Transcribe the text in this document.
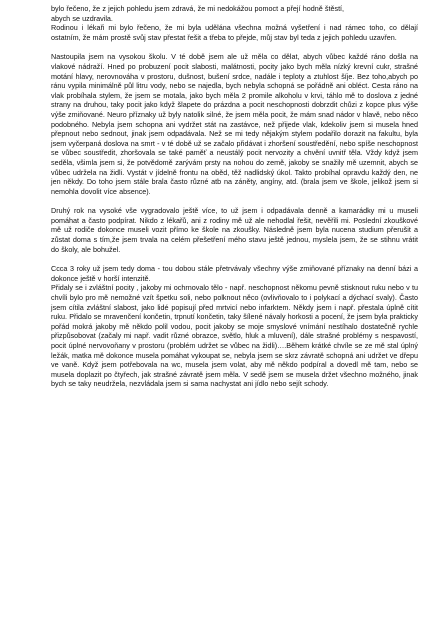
bylo řečeno, že z jejich pohledu jsem zdravá, že mi nedokážou pomoct a přejí hodně štěstí,
abych se uzdravila.
Rodinou i lékaři mi bylo řečeno, že mi byla udělána všechna možná vyšetření i nad rámec toho, co dělají ostatním, že mám prostě svůj stav přestat řešit a třeba to přejde, můj stav byl teda z jejich pohledu uzavřen.

Nastoupila jsem na vysokou školu. V té době jsem ale už měla co dělat, abych vůbec každé ráno došla na vlakové nádraží. Hned po probuzení pocit slabosti, malátnosti, pocity jako bych měla nízký krevní cukr, strašné motání hlavy, nerovnováha v prostoru, dušnost, bušení srdce, nadále i teploty a ztuhlost šíje. Bez toho,abych po ránu vypila minimálně půl litru vody, nebo se najedla, bych nebyla schopná se pořádně ani obléct. Cesta ráno na vlak probíhala stylem, že jsem se motala, jako bych měla 2 promile alkoholu v krvi, táhlo mě to doslova z jedné strany na druhou, taky pocit jako když šlapete do prázdna a pocit neschopnosti dobrzdit chůzi z kopce plus výše výše zmiňované. Neuro příznaky už byly natolik silné, že jsem měla pocit, že mám snad nádor v hlavě, nebo něco podobného. Nebyla jsem schopna ani vydržet stát na zastávce, než přijede vlak, kdekoliv jsem si musela hned přepnout nebo sednout, jinak jsem odpadávala. Než se mi tedy nějakým stylem podařilo dorazit na fakultu, byla jsem vyčerpaná doslova na smrt - v té době už se začalo přidávat i zhoršení soustředění, nebo spíše neschopnost se vůbec soustředit, zhoršovala se také paměť a neustálý pocit nervozity a chvění uvnitř těla. Vždy když jsem seděla, všimla jsem si, že potvědomě zarývám prsty na nohou do země, jakoby se snažily mě uzemnit, abych se vůbec udržela na židli. Vystát v jídelně frontu na oběd, těž nadlidský úkol. Takto probíhal opravdu každý den, ne jen někdy. Do toho jsem stále brala často různé atb na záněty, angíny, atd. (brala jsem ve škole, jelikož jsem si nemohla dovolit více absence).

Druhý rok na vysoké vše vygradovalo ještě více, to už jsem i odpadávala denně a kamarádky mi u museli pomáhat a často podpírat. Nikdo z lékařů, ani z rodiny mě už ale nehodlal řešit, nevěřili mi. Poslední zkouškové mě už rodiče dokonce museli vozit přímo ke škole na zkoušky. Následně jsem byla nucena studium přerušit a zůstat doma s tím,že jsem trvala na celém přešetření mého stavu ještě jednou, myslela jsem, že se stihnu vrátit do školy, ale bohužel.

Ccca 3 roky už jsem tedy doma - tou dobou stále přetrvávaly všechny výše zmiňované příznaky na denní bázi a dokonce ještě v horší intenzitě.
Přidaly se i zvláštní pocity , jakoby mi ochrnovalo tělo - např. neschopnost někomu pevně stisknout ruku nebo v tu chvíli bylo pro mě nemožné vzít špetku soli, nebo polknout něco (ovlivňovalo to i polykací a dýchací svaly). Často jsem cítila zvláštní slabost, jako lidé popisují před mrtvicí nebo infarktem. Někdy jsem i např. přestala úplně cítit ruku. Přidalo se mravenčení končetin, trpnutí končetin, taky šílené návaly horkosti a pocení, že jsem byla prakticky pořád mokrá jakoby mě někdo polil vodou, pocit jakoby se moje smyslové vnímání nestíhalo dostatečně rychle přizpůsobovat (začaly mi např. vadit různé obrazce, světlo, hluk a mluvení), dále strašné problémy s nespavostí, pocit úplné nervovoňany v prostoru (problém udržet se vůbec na židli)….Během krátké chvíle se ze mě stal úplný ležák, matka mě dokonce musela pomáhat vykoupat se, nebyla jsem se skrz závratě schopná ani udržet ve dřepu ve vaně. Když jsem potřebovala na wc, musela jsem volat, aby mě někdo podpíral a dovedl mě tam, nebo se musela doplazit po čtyřech, jak strašné závratě jsem měla. V sedě jsem se musela držet všechno možného, jinak bych se taky neudržela, nezvládala jsem si sama nachystat ani jídlo nebo sejít schody.
